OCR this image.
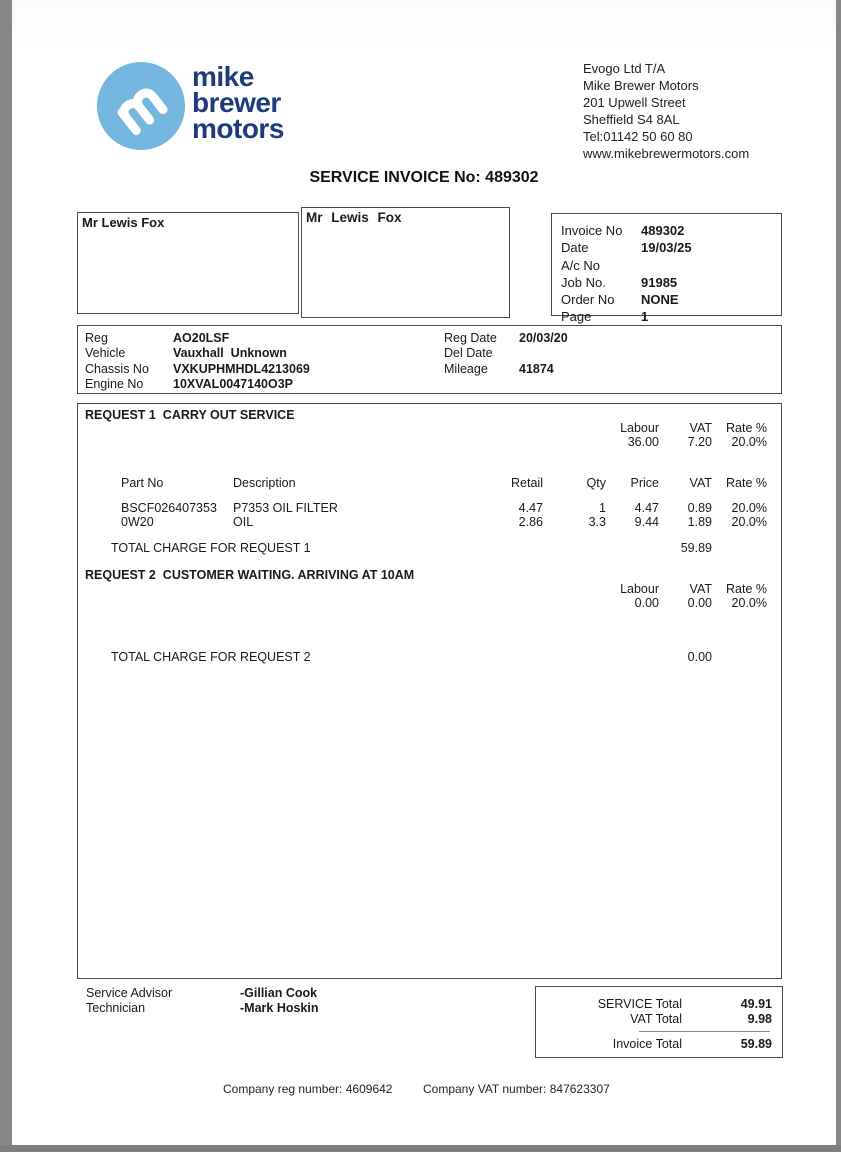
mike
brewer
motors
Evogo Ltd T/A
Mike Brewer Motors
201 Upwell Street
Sheffield S4 8AL
Tel:01142 50 60 80
www.mikebrewermotors.com
SERVICE INVOICE No: 489302
Mr Lewis Fox	Mr Lewis Fox
Invoice No 489302
Date	19/03/25
A/c No
Job No.	91985
Order No NONE
Page	1
Reg	AO20LSF
Vehicle	Vauxhall  Unknown
Chassis No VXKUPHMHDL4213069
Engine No 10XVAL0047140O3P
Reg Date 20/03/20
Del Date
Mileage 41874
REQUEST 1  CARRY OUT SERVICE
Labour VAT Rate %
36.00 7.20 20.0%
Part No	Description	Retail	Qty Price VAT Rate %
BSCF026407353 P7353 OIL FILTER	4.47	1 4.47 0.89 20.0%
0W20	OIL	2.86	3.3 9.44 1.89 20.0%
TOTAL CHARGE FOR REQUEST 1	59.89
REQUEST 2  CUSTOMER WAITING. ARRIVING AT 10AM
Labour VAT Rate %
0.00 0.00 20.0%
TOTAL CHARGE FOR REQUEST 2	0.00
Service Advisor	-Gillian Cook
Technician	-Mark Hoskin	SERVICE Total	49.91
VAT Total	9.98
Invoice Total	59.89
Company reg number: 4609642	Company VAT number: 847623307
